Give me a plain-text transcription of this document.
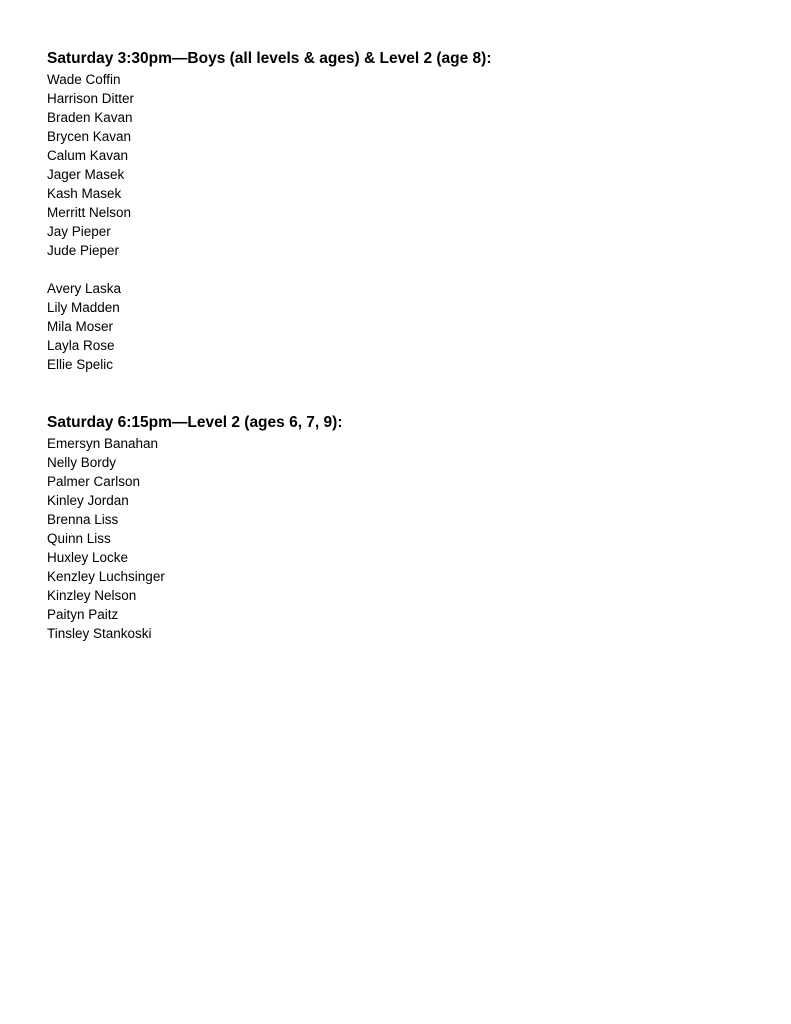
Saturday 3:30pm—Boys (all levels & ages) & Level 2 (age 8):
Wade Coffin
Harrison Ditter
Braden Kavan
Brycen Kavan
Calum Kavan
Jager Masek
Kash Masek
Merritt Nelson
Jay Pieper
Jude Pieper
Avery Laska
Lily Madden
Mila Moser
Layla Rose
Ellie Spelic
Saturday 6:15pm—Level 2 (ages 6, 7, 9):
Emersyn Banahan
Nelly Bordy
Palmer Carlson
Kinley Jordan
Brenna Liss
Quinn Liss
Huxley Locke
Kenzley Luchsinger
Kinzley Nelson
Paityn Paitz
Tinsley Stankoski
